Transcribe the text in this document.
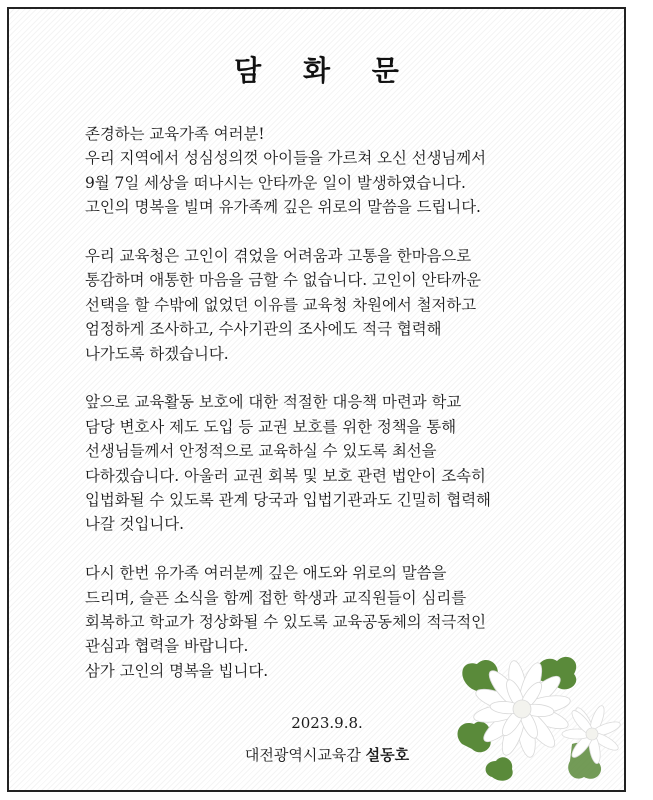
담 화 문

존경하는 교육가족 여러분!
우리 지역에서 성심성의껏 아이들을 가르쳐 오신 선생님께서
9월 7일 세상을 떠나시는 안타까운 일이 발생하였습니다.
고인의 명복을 빌며 유가족께 깊은 위로의 말씀을 드립니다.

우리 교육청은 고인이 겪었을 어려움과 고통을 한마음으로
통감하며 애통한 마음을 금할 수 없습니다. 고인이 안타까운
선택을 할 수밖에 없었던 이유를 교육청 차원에서 철저하고
엄정하게 조사하고, 수사기관의 조사에도 적극 협력해
나가도록 하겠습니다.

앞으로 교육활동 보호에 대한 적절한 대응책 마련과 학교
담당 변호사 제도 도입 등 교권 보호를 위한 정책을 통해
선생님들께서 안정적으로 교육하실 수 있도록 최선을
다하겠습니다. 아울러 교권 회복 및 보호 관련 법안이 조속히
입법화될 수 있도록 관계 당국과 입법기관과도 긴밀히 협력해
나갈 것입니다.

다시 한번 유가족 여러분께 깊은 애도와 위로의 말씀을
드리며, 슬픈 소식을 함께 접한 학생과 교직원들이 심리를
회복하고 학교가 정상화될 수 있도록 교육공동체의 적극적인
관심과 협력을 바랍니다.
삼가 고인의 명복을 빕니다.

2023.9.8.
대전광역시교육감 설동호
